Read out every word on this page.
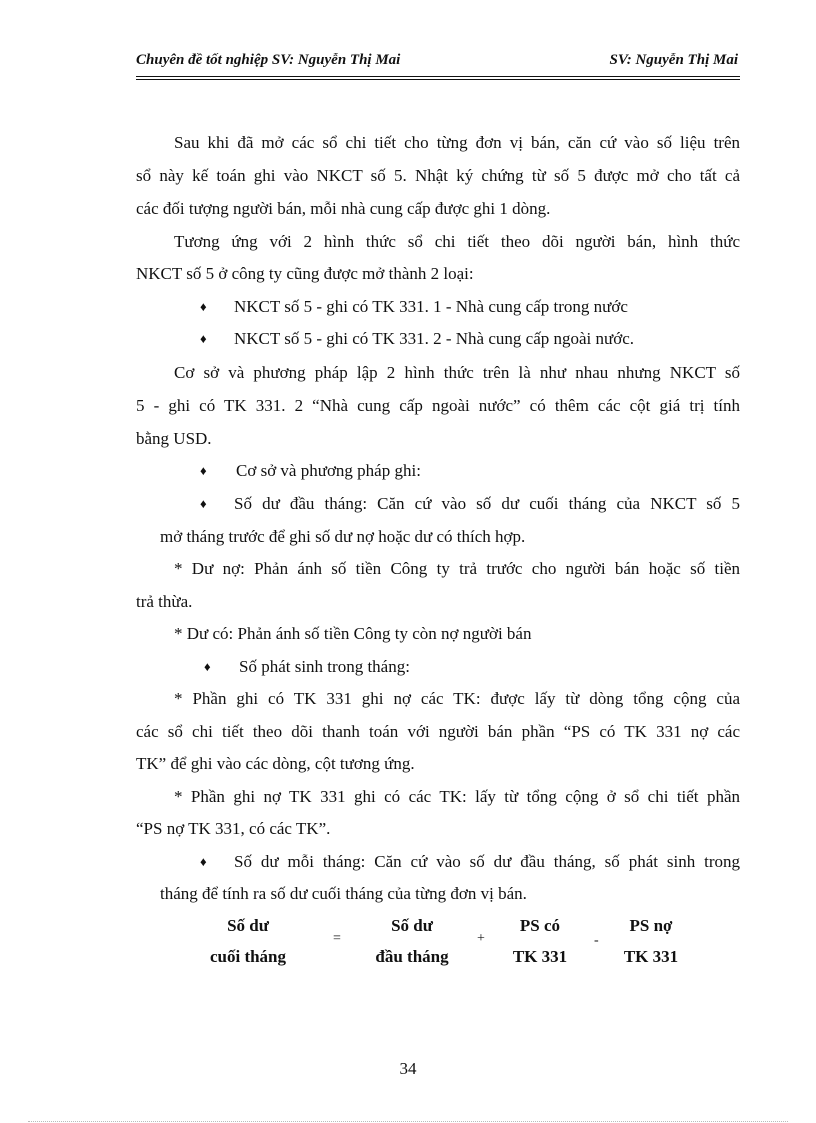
Chuyên đề tốt nghiệp SV: Nguyễn Thị Mai	SV: Nguyễn Thị Mai
Sau khi đã mở các sổ chi tiết cho từng đơn vị bán, căn cứ vào số liệu trên
sổ này kế toán ghi vào NKCT số 5. Nhật ký chứng từ số 5 được mở cho tất cả
các đối tượng người bán, mỗi nhà cung cấp được ghi 1 dòng.
Tương ứng với 2 hình thức sổ chi tiết theo dõi người bán, hình thức
NKCT số 5 ở công ty cũng được mở thành 2 loại:
♦ NKCT số 5 - ghi có TK 331. 1 - Nhà cung cấp trong nước
♦ NKCT số 5 - ghi có TK 331. 2 - Nhà cung cấp ngoài nước.
Cơ sở và phương pháp lập 2 hình thức trên là như nhau nhưng NKCT số
5 - ghi có TK 331. 2 “Nhà cung cấp ngoài nước” có thêm các cột giá trị tính
bằng USD.
♦ Cơ sở và phương pháp ghi:
♦ Số dư đầu tháng: Căn cứ vào số dư cuối tháng của NKCT số 5
mở tháng trước để ghi số dư nợ hoặc dư có thích hợp.
* Dư nợ: Phản ánh số tiền Công ty trả trước cho người bán hoặc số tiền
trả thừa.
* Dư có: Phản ánh số tiền Công ty còn nợ người bán
♦ Số phát sinh trong tháng:
* Phần ghi có TK 331 ghi nợ các TK: được lấy từ dòng tổng cộng của
các sổ chi tiết theo dõi thanh toán với người bán phần “PS có TK 331 nợ các
TK” để ghi vào các dòng, cột tương ứng.
* Phần ghi nợ TK 331 ghi có các TK: lấy từ tổng cộng ở sổ chi tiết phần
“PS nợ TK 331, có các TK”.
♦ Số dư mỗi tháng: Căn cứ vào số dư đầu tháng, số phát sinh trong
tháng để tính ra số dư cuối tháng của từng đơn vị bán.
Số dư
cuối tháng
=
Số dư
đầu tháng
+
PS có
TK 331
-
PS nợ
TK 331
34
